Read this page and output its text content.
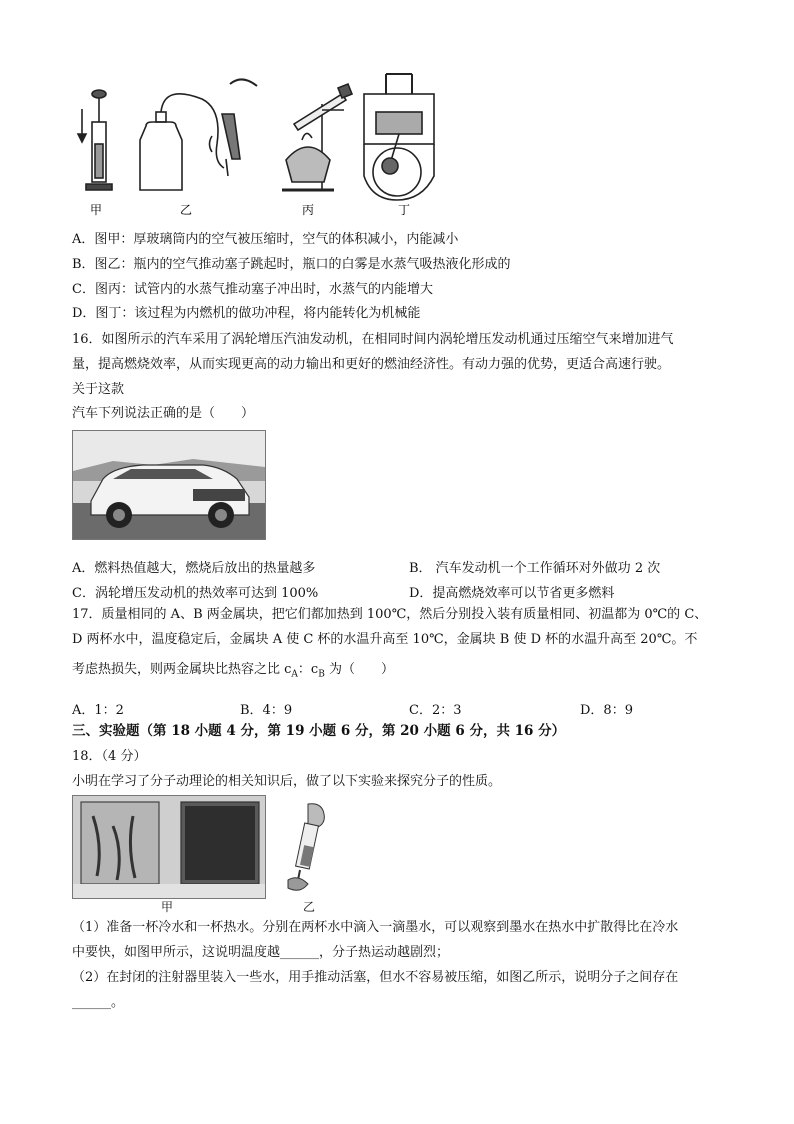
甲	乙	丙	丁
A．图甲：厚玻璃筒内的空气被压缩时，空气的体积减小，内能减小
B．图乙：瓶内的空气推动塞子跳起时，瓶口的白雾是水蒸气吸热液化形成的
C．图丙：试管内的水蒸气推动塞子冲出时，水蒸气的内能增大
D．图丁：该过程为内燃机的做功冲程，将内能转化为机械能
16．如图所示的汽车采用了涡轮增压汽油发动机，在相同时间内涡轮增压发动机通过压缩空气来增加进气
量，提高燃烧效率，从而实现更高的动力输出和更好的燃油经济性。有动力强的优势，更适合高速行驶。
关于这款
汽车下列说法正确的是（　　）
A．燃料热值越大，燃烧后放出的热量越多	B． 汽车发动机一个工作循环对外做功 2 次
C．涡轮增压发动机的热效率可达到 100%	D．提高燃烧效率可以节省更多燃料
17．质量相同的 A、B 两金属块，把它们都加热到 100℃，然后分别投入装有质量相同、初温都为 0℃的 C、
D 两杯水中，温度稳定后，金属块 A 使 C 杯的水温升高至 10℃，金属块 B 使 D 杯的水温升高至 20℃。不
考虑热损失，则两金属块比热容之比 $c_A$：$c_B$ 为（　　）
A．1：2	B．4：9	C．2：3	D．8：9
三、实验题（第 18 小题 4 分，第 19 小题 6 分，第 20 小题 6 分，共 16 分）
18．（4 分）
小明在学习了分子动理论的相关知识后，做了以下实验来探究分子的性质。
甲	乙
（1）准备一杯冷水和一杯热水。分别在两杯水中滴入一滴墨水，可以观察到墨水在热水中扩散得比在冷水
中要快，如图甲所示，这说明温度越______，分子热运动越剧烈；
（2）在封闭的注射器里装入一些水，用手推动活塞，但水不容易被压缩，如图乙所示，说明分子之间存在
______。
